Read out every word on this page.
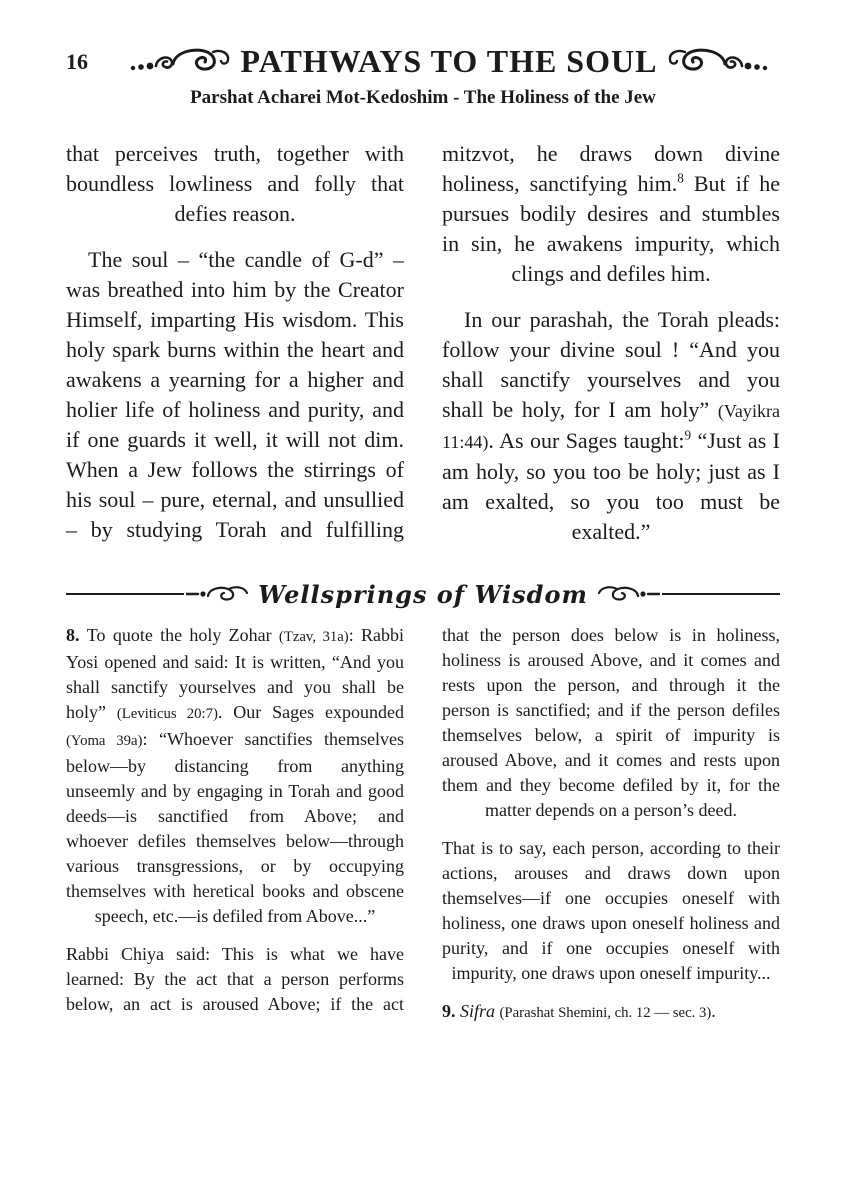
16	PATHWAYS TO THE SOUL
Parshat Acharei Mot-Kedoshim - The Holiness of the Jew

that perceives truth, together with boundless lowliness and folly that defies reason.

The soul – “the candle of G-d” – was breathed into him by the Creator Himself, imparting His wisdom. This holy spark burns within the heart and awakens a yearning for a higher and holier life of holiness and purity, and if one guards it well, it will not dim. When a Jew follows the stirrings of his soul – pure, eternal, and unsullied – by studying Torah and fulfilling

mitzvot, he draws down divine holiness, sanctifying him.$^8$ But if he pursues bodily desires and stumbles in sin, he awakens impurity, which clings and defiles him.

In our parashah, the Torah pleads: follow your divine soul ! “And you shall sanctify yourselves and you shall be holy, for I am holy” (Vayikra 11:44). As our Sages taught:$^9$ “Just as I am holy, so you too be holy; just as I am exalted, so you too must be exalted.”

Wellsprings of Wisdom

8. To quote the holy Zohar (Tzav, 31a): Rabbi Yosi opened and said: It is written, “And you shall sanctify yourselves and you shall be holy” (Leviticus 20:7). Our Sages expounded (Yoma 39a): “Whoever sanctifies themselves below—by distancing from anything unseemly and by engaging in Torah and good deeds—is sanctified from Above; and whoever defiles themselves below—through various transgressions, or by occupying themselves with heretical books and obscene speech, etc.—is defiled from Above...”

Rabbi Chiya said: This is what we have learned: By the act that a person performs below, an act is aroused Above; if the act

that the person does below is in holiness, holiness is aroused Above, and it comes and rests upon the person, and through it the person is sanctified; and if the person defiles themselves below, a spirit of impurity is aroused Above, and it comes and rests upon them and they become defiled by it, for the matter depends on a person’s deed.

That is to say, each person, according to their actions, arouses and draws down upon themselves—if one occupies oneself with holiness, one draws upon oneself holiness and purity, and if one occupies oneself with impurity, one draws upon oneself impurity...

9. Sifra (Parashat Shemini, ch. 12 — sec. 3).
